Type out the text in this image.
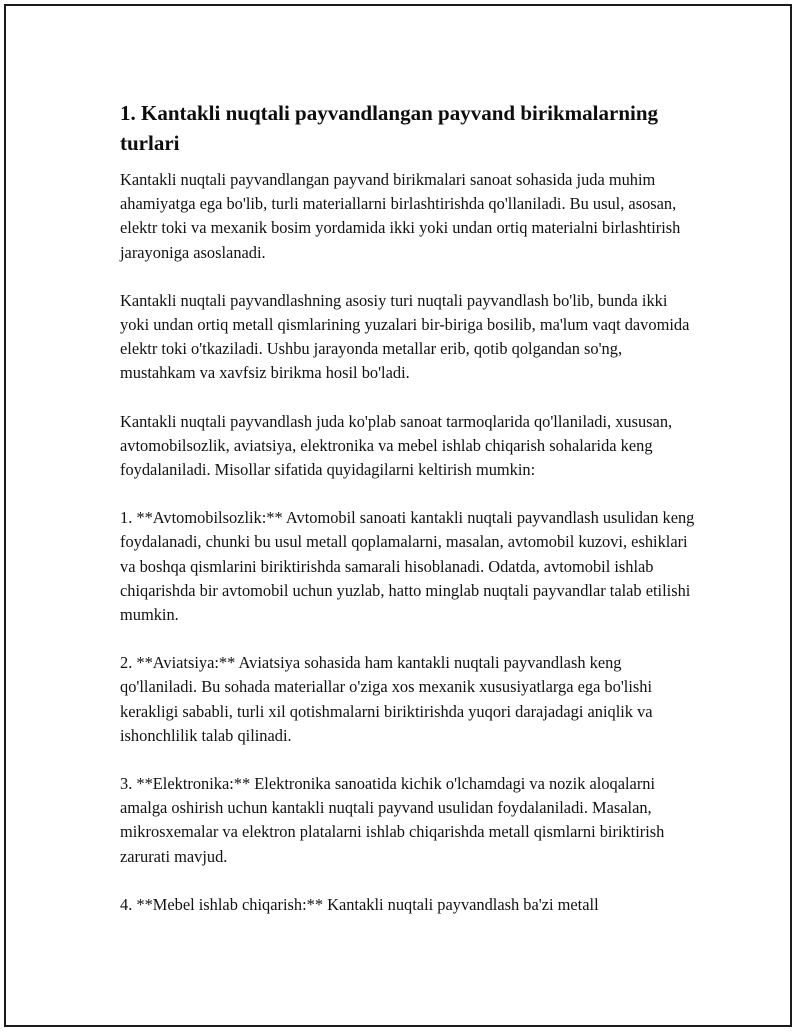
1. Kantakli nuqtali payvandlangan payvand birikmalarning turlari

Kantakli nuqtali payvandlangan payvand birikmalari sanoat sohasida juda muhim ahamiyatga ega bo'lib, turli materiallarni birlashtirishda qo'llaniladi. Bu usul, asosan, elektr toki va mexanik bosim yordamida ikki yoki undan ortiq materialni birlashtirish jarayoniga asoslanadi.

Kantakli nuqtali payvandlashning asosiy turi nuqtali payvandlash bo'lib, bunda ikki yoki undan ortiq metall qismlarining yuzalari bir-biriga bosilib, ma'lum vaqt davomida elektr toki o'tkaziladi. Ushbu jarayonda metallar erib, qotib qolgandan so'ng, mustahkam va xavfsiz birikma hosil bo'ladi.

Kantakli nuqtali payvandlash juda ko'plab sanoat tarmoqlarida qo'llaniladi, xususan, avtomobilsozlik, aviatsiya, elektronika va mebel ishlab chiqarish sohalarida keng foydalaniladi. Misollar sifatida quyidagilarni keltirish mumkin:

1. **Avtomobilsozlik:** Avtomobil sanoati kantakli nuqtali payvandlash usulidan keng foydalanadi, chunki bu usul metall qoplamalarni, masalan, avtomobil kuzovi, eshiklari va boshqa qismlarini biriktirishda samarali hisoblanadi. Odatda, avtomobil ishlab chiqarishda bir avtomobil uchun yuzlab, hatto minglab nuqtali payvandlar talab etilishi mumkin.

2. **Aviatsiya:** Aviatsiya sohasida ham kantakli nuqtali payvandlash keng qo'llaniladi. Bu sohada materiallar o'ziga xos mexanik xususiyatlarga ega bo'lishi kerakligi sababli, turli xil qotishmalarni biriktirishda yuqori darajadagi aniqlik va ishonchlilik talab qilinadi.

3. **Elektronika:** Elektronika sanoatida kichik o'lchamdagi va nozik aloqalarni amalga oshirish uchun kantakli nuqtali payvand usulidan foydalaniladi. Masalan, mikrosxemalar va elektron platalarni ishlab chiqarishda metall qismlarni biriktirish zarurati mavjud.

4. **Mebel ishlab chiqarish:** Kantakli nuqtali payvandlash ba'zi metall
